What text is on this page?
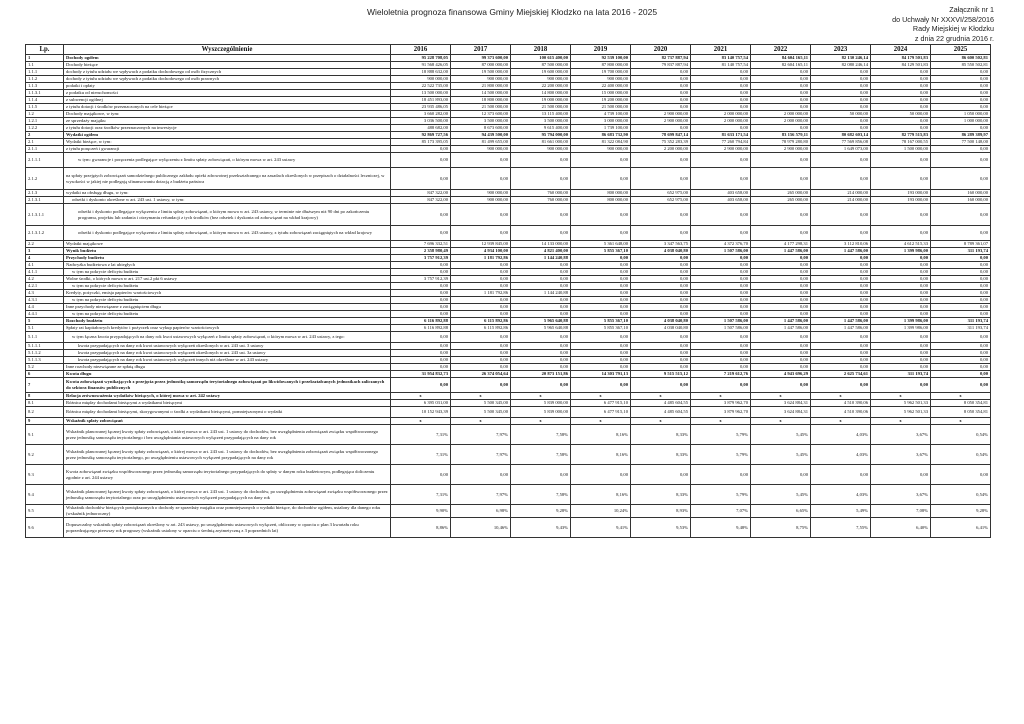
Wieloletnia prognoza finansowa Gminy Miejskiej Kłodzko na lata 2016 - 2025	Załącznik nr 1
do Uchwały Nr XXXVI/258/2016
Rady Miejskiej w Kłodzku
z dnia 22 grudnia 2016 r.
Lp.	Wyszczególnienie	2016	2017	2018	2019	2020	2021	2022	2023	2024	2025
1	Dochody ogółem	95 228 708,05	99 373 600,00	100 615 400,00	92 539 100,00	82 737 887,94	83 140 757,54	84 604 165,11	82 130 246,14	84 179 501,83	86 600 502,81
1.1	Dochody bieżące	91 568 426,05	87 000 000,00	87 500 000,00	87 800 000,00	79 837 887,94	81 140 757,54	82 604 165,11	82 080 246,14	84 129 501,83	85 550 502,81
1.1.1	dochody z tytułu udziału we wpływach z podatku dochodowego od osób fizycznych	18 888 632,00	19 500 000,00	19 600 000,00	19 700 000,00	0,00	0,00	0,00	0,00	0,00	0,00
1.1.2	dochody z tytułu udziału we wpływach z podatku dochodowego od osób prawnych	900 000,00	900 000,00	900 000,00	900 000,00	0,00	0,00	0,00	0,00	0,00	0,00
1.1.3	podatki i opłaty	22 522 735,00	21 800 000,00	22 200 000,00	22 400 000,00	0,00	0,00	0,00	0,00	0,00	0,00
1.1.3.1	z podatku od nieruchomości	13 500 000,00	14 500 000,00	14 800 000,00	15 000 000,00	0,00	0,00	0,00	0,00	0,00	0,00
1.1.4	z subwencji ogólnej	18 451 893,00	18 800 000,00	19 000 000,00	19 200 000,00	0,00	0,00	0,00	0,00	0,00	0,00
1.1.5	z tytułu dotacji i środków przeznaczonych na cele bieżące	23 935 486,05	21 500 000,00	21 500 000,00	21 500 000,00	0,00	0,00	0,00	0,00	0,00	0,00
1.2	Dochody majątkowe, w tym:	3 660 282,00	12 373 600,00	13 115 400,00	4 739 100,00	2 900 000,00	2 000 000,00	2 000 000,00	50 000,00	50 000,00	1 050 000,00
1.2.1	ze sprzedaży majątku	3 036 500,00	3 500 000,00	3 500 000,00	3 000 000,00	2 900 000,00	2 000 000,00	2 000 000,00	0,00	0,00	1 000 000,00
1.2.2	z tytułu dotacji oraz środków przeznaczonych na inwestycje	488 682,00	8 673 600,00	9 615 400,00	1 739 100,00	0,00	0,00	0,00	0,00	0,00	0,00
2	Wydatki ogółem	92 869 727,56	94 439 500,00	95 794 000,00	86 683 732,90	78 699 847,14	81 633 171,54	83 156 579,11	80 682 603,14	82 779 515,83	86 289 389,97
2.1	Wydatki bieżące, w tym:	85 173 395,05	81 499 655,00	81 661 000,00	81 322 084,90	75 352 283,39	77 260 794,84	78 979 280,80	77 569 856,08	78 167 000,55	77 500 148,00
2.1.1	z tytułu poręczeń i gwarancji	0,00	900 000,00	900 000,00	900 000,00	2 200 000,00	2 900 000,00	2 900 000,00	1 649 073,00	1 500 000,00	0,00
2.1.1.1	w tym: gwarancje i poręczenia podlegające wyłączeniu z limitu spłaty zobowiązań, o którym mowa w art. 243 ustawy	0,00	0,00	0,00	0,00	0,00	0,00	0,00	0,00	0,00	0,00
2.1.2	na spłaty przejętych zobowiązań samodzielnego publicznego zakładu opieki zdrowotnej przekształcanego na zasadach określonych w przepisach o działalności leczniczej, w wysokości w jakiej nie podlegają sfinansowaniu dotacją z budżetu państwa	0,00	0,00	0,00	0,00	0,00	0,00	0,00	0,00	0,00	0,00
2.1.3	wydatki na obsługę długu, w tym:	847 322,00	900 000,00	760 000,00	800 000,00	652 975,00	403 658,00	265 000,00	214 000,00	193 000,00	160 000,00
2.1.3.1	odsetki i dyskonto określone w art. 243 ust. 1 ustawy, w tym:	847 322,00	900 000,00	760 000,00	800 000,00	652 975,00	403 658,00	265 000,00	214 000,00	193 000,00	160 000,00
2.1.3.1.1	odsetki i dyskonto podlegające wyłączeniu z limitu spłaty zobowiązań, o którym mowa w art. 243 ustawy, w terminie nie dłuższym niż 90 dni po zakończeniu programu, projektu lub zadania i otrzymaniu refundacji z tych środków (bez odsetek i dyskonta od zobowiązań na wkład krajowy)	0,00	0,00	0,00	0,00	0,00	0,00	0,00	0,00	0,00	0,00
2.1.3.1.2	odsetki i dyskonto podlegające wyłączeniu z limitu spłaty zobowiązań, o którym mowa w art. 243 ustawy, z tytułu zobowiązań zaciągniętych na wkład krajowy	0,00	0,00	0,00	0,00	0,00	0,00	0,00	0,00	0,00	0,00
2.2	Wydatki majątkowe	7 696 332,51	12 939 845,00	14 133 000,00	5 361 648,00	3 347 563,75	4 372 376,70	4 177 298,31	3 112 810,06	4 612 515,33	8 789 361,07
3	Wynik budżetu	2 358 980,49	4 934 100,00	4 821 400,00	5 855 367,10	4 038 040,80	1 507 586,00	1 447 586,00	1 447 586,00	1 399 986,00	311 193,74
4	Przychody budżetu	3 757 912,39	1 181 792,86	1 144 240,88	0,00	0,00	0,00	0,00	0,00	0,00	0,00
4.1	Nadwyżka budżetowa z lat ubiegłych	0,00	0,00	0,00	0,00	0,00	0,00	0,00	0,00	0,00	0,00
4.1.1	w tym na pokrycie deficytu budżetu	0,00	0,00	0,00	0,00	0,00	0,00	0,00	0,00	0,00	0,00
4.2	Wolne środki, o których mowa w art. 217 ust.2 pkt 6 ustawy	3 757 912,39	0,00	0,00	0,00	0,00	0,00	0,00	0,00	0,00	0,00
4.2.1	w tym na pokrycie deficytu budżetu	0,00	0,00	0,00	0,00	0,00	0,00	0,00	0,00	0,00	0,00
4.3	Kredyty, pożyczki, emisja papierów wartościowych	0,00	1 181 792,86	1 144 240,88	0,00	0,00	0,00	0,00	0,00	0,00	0,00
4.3.1	w tym na pokrycie deficytu budżetu	0,00	0,00	0,00	0,00	0,00	0,00	0,00	0,00	0,00	0,00
4.4	Inne przychody niezwiązane z zaciągnięciem długu	0,00	0,00	0,00	0,00	0,00	0,00	0,00	0,00	0,00	0,00
4.4.1	w tym na pokrycie deficytu budżetu	0,00	0,00	0,00	0,00	0,00	0,00	0,00	0,00	0,00	0,00
5	Rozchody budżetu	6 116 892,88	6 115 892,86	5 965 640,88	5 855 367,10	4 038 040,80	1 507 586,00	1 447 586,00	1 447 586,00	1 399 986,00	311 193,74
5.1	Spłaty rat kapitałowych kredytów i pożyczek oraz wykup papierów wartościowych	6 116 892,88	6 115 892,86	5 965 640,88	5 855 367,10	4 038 040,80	1 507 586,00	1 447 586,00	1 447 586,00	1 399 986,00	311 193,74
5.1.1	w tym łączna kwota przypadających na dany rok kwot ustawowych wyłączeń z limitu spłaty zobowiązań, o którym mowa w art. 243 ustawy, z tego:	0,00	0,00	0,00	0,00	0,00	0,00	0,00	0,00	0,00	0,00
5.1.1.1	kwota przypadających na dany rok kwot ustawowych wyłączeń określonych w art. 243 ust. 3 ustawy	0,00	0,00	0,00	0,00	0,00	0,00	0,00	0,00	0,00	0,00
5.1.1.2	kwota przypadających na dany rok kwot ustawowych wyłączeń określonych w art. 243 ust. 3a ustawy	0,00	0,00	0,00	0,00	0,00	0,00	0,00	0,00	0,00	0,00
5.1.1.3	kwota przypadających na dany rok kwot ustawowych wyłączeń innych niż określone w art. 243 ustawy	0,00	0,00	0,00	0,00	0,00	0,00	0,00	0,00	0,00	0,00
5.2	Inne rozchody niezwiązane ze spłatą długu	0,00	0,00	0,00	0,00	0,00	0,00	0,00	0,00	0,00	0,00
6	Kwota długu	31 954 832,73	26 374 054,64	20 873 151,86	14 303 791,13	9 515 515,12	7 219 612,76	4 943 696,29	2 625 734,61	311 193,74	0,00
7	Kwota zobowiązań wynikających z przejęcia przez jednostkę samorządu terytorialnego zobowiązań po likwidowanych i przekształcanych jednostkach zaliczanych do sektora finansów publicznych	0,00	0,00	0,00	0,00	0,00	0,00	0,00	0,00	0,00	0,00
8	Relacja zrównoważenia wydatków bieżących, o której mowa w art. 242 ustawy	x	x	x	x	x	x	x	x	x	x
8.1	Różnica między dochodami bieżącymi a wydatkami bieżącymi	6 395 031,00	5 500 345,00	5 839 000,00	6 477 915,10	4 485 604,55	3 879 962,70	3 624 884,31	4 510 390,06	5 962 501,33	8 050 354,81
8.2	Różnica między dochodami bieżącymi, skorygowanymi o środki a wydatkami bieżącymi, pomniejszonymi o wydatki	10 152 943,39	5 500 345,00	5 839 000,00	6 477 915,10	4 485 604,55	3 879 962,70	3 624 884,31	4 510 390,06	5 962 501,33	8 050 354,81
9	Wskaźnik spłaty zobowiązań	x	x	x	x	x	x	x	x	x	x
9.1	Wskaźnik planowanej łącznej kwoty spłaty zobowiązań, o której mowa w art. 243 ust. 1 ustawy do dochodów, bez uwzględnienia zobowiązań związku współtworzonego przez jednostkę samorządu terytorialnego i bez uwzględniania ustawowych wyłączeń przypadających na dany rok	7,31%	7,97%	7,58%	8,16%	8,33%	5,79%	5,45%	4,03%	3,67%	0,54%
9.2	Wskaźnik planowanej łącznej kwoty spłaty zobowiązań, o której mowa w art. 243 ust. 1 ustawy do dochodów, bez uwzględnienia zobowiązań związku współtworzonego przez jednostkę samorządu terytorialnego, po uwzględnieniu ustawowych wyłączeń przypadających na dany rok	7,31%	7,97%	7,58%	8,16%	8,33%	5,79%	5,45%	4,03%	3,67%	0,54%
9.3	Kwota zobowiązań związku współtworzonego przez jednostkę samorządu terytorialnego przypadających do spłaty w danym roku budżetowym, podlegająca doliczeniu zgodnie z art. 244 ustawy	0,00	0,00	0,00	0,00	0,00	0,00	0,00	0,00	0,00	0,00
9.4	Wskaźnik planowanej łącznej kwoty spłaty zobowiązań, o której mowa w art. 243 ust. 1 ustawy do dochodów, po uwzględnieniu zobowiązań związku współtworzonego przez jednostkę samorządu terytorialnego oraz po uwzględnieniu ustawowych wyłączeń przypadających na dany rok	7,31%	7,97%	7,58%	8,16%	8,33%	5,79%	5,45%	4,03%	3,67%	0,54%
9.5	Wskaźnik dochodów bieżących powiększonych o dochody ze sprzedaży majątku oraz pomniejszonych o wydatki bieżące, do dochodów ogółem, ustalony dla danego roku (wskaźnik jednoroczny)	9,90%	6,98%	9,28%	10,24%	8,93%	7,07%	6,65%	5,49%	7,08%	9,28%
9.6	Dopuszczalny wskaźnik spłaty zobowiązań określony w art. 243 ustawy, po uwzględnieniu ustawowych wyłączeń, obliczony w oparciu o plan 3 kwartału roku poprzedzającego pierwszy rok prognozy (wskaźnik ustalony w oparciu o średnią arytmetyczną z 3 poprzednich lat)	8,86%	10,46%	9,43%	9,41%	9,53%	9,48%	8,75%	7,55%	6,40%	6,41%
